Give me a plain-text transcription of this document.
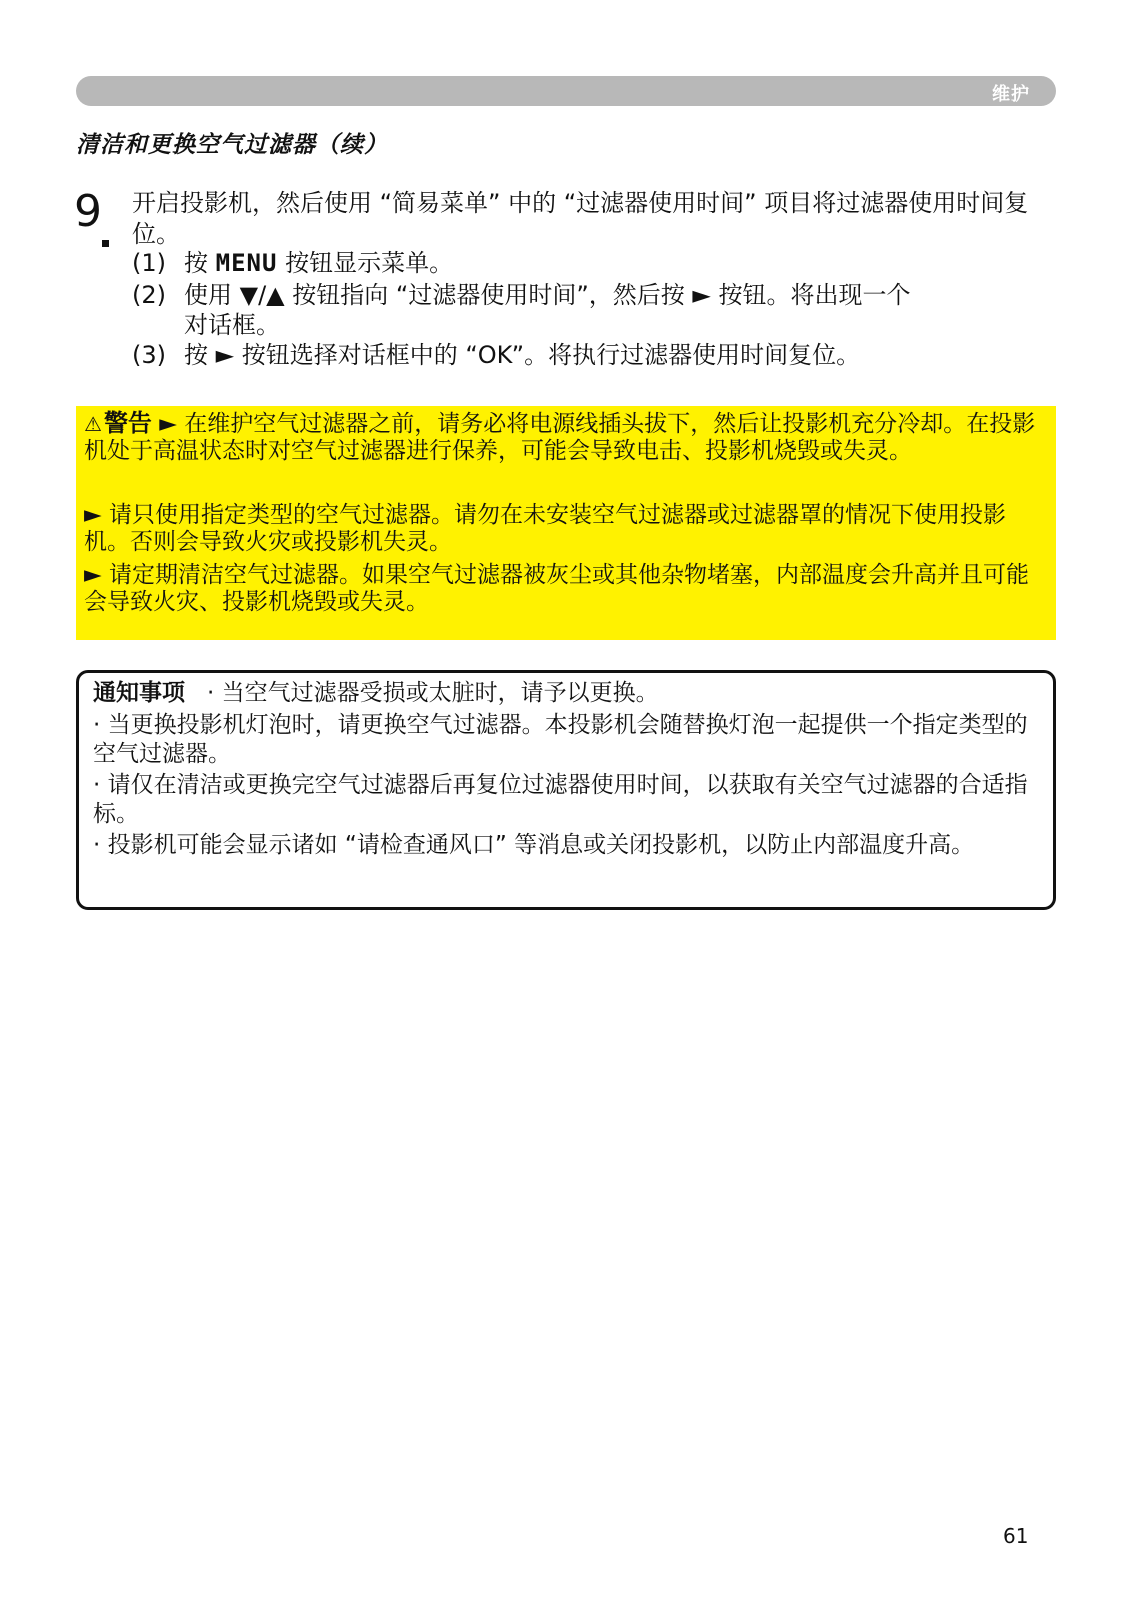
维护
清洁和更换空气过滤器（续）
9 开启投影机，然后使用 “简易菜单” 中的 “过滤器使用时间” 项目将过滤器使用时间复位。
(1) 按 MENU 按钮显示菜单。
(2) 使用 ▼/▲ 按钮指向 “过滤器使用时间”，然后按 ► 按钮。将出现一个
对话框。
(3) 按 ► 按钮选择对话框中的 “OK”。将执行过滤器使用时间复位。
⚠警告 ► 在维护空气过滤器之前，请务必将电源线插头拔下，然后让投影机充分冷却。在投影机处于高温状态时对空气过滤器进行保养，可能会导致电击、投影机烧毁或失灵。
► 请只使用指定类型的空气过滤器。请勿在未安装空气过滤器或过滤器罩的情况下使用投影机。否则会导致火灾或投影机失灵。
► 请定期清洁空气过滤器。如果空气过滤器被灰尘或其他杂物堵塞，内部温度会升高并且可能会导致火灾、投影机烧毁或失灵。
通知事项 · 当空气过滤器受损或太脏时，请予以更换。
· 当更换投影机灯泡时，请更换空气过滤器。本投影机会随替换灯泡一起提供一个指定类型的空气过滤器。
· 请仅在清洁或更换完空气过滤器后再复位过滤器使用时间，以获取有关空气过滤器的合适指标。
· 投影机可能会显示诸如 “请检查通风口” 等消息或关闭投影机，以防止内部温度升高。
61
